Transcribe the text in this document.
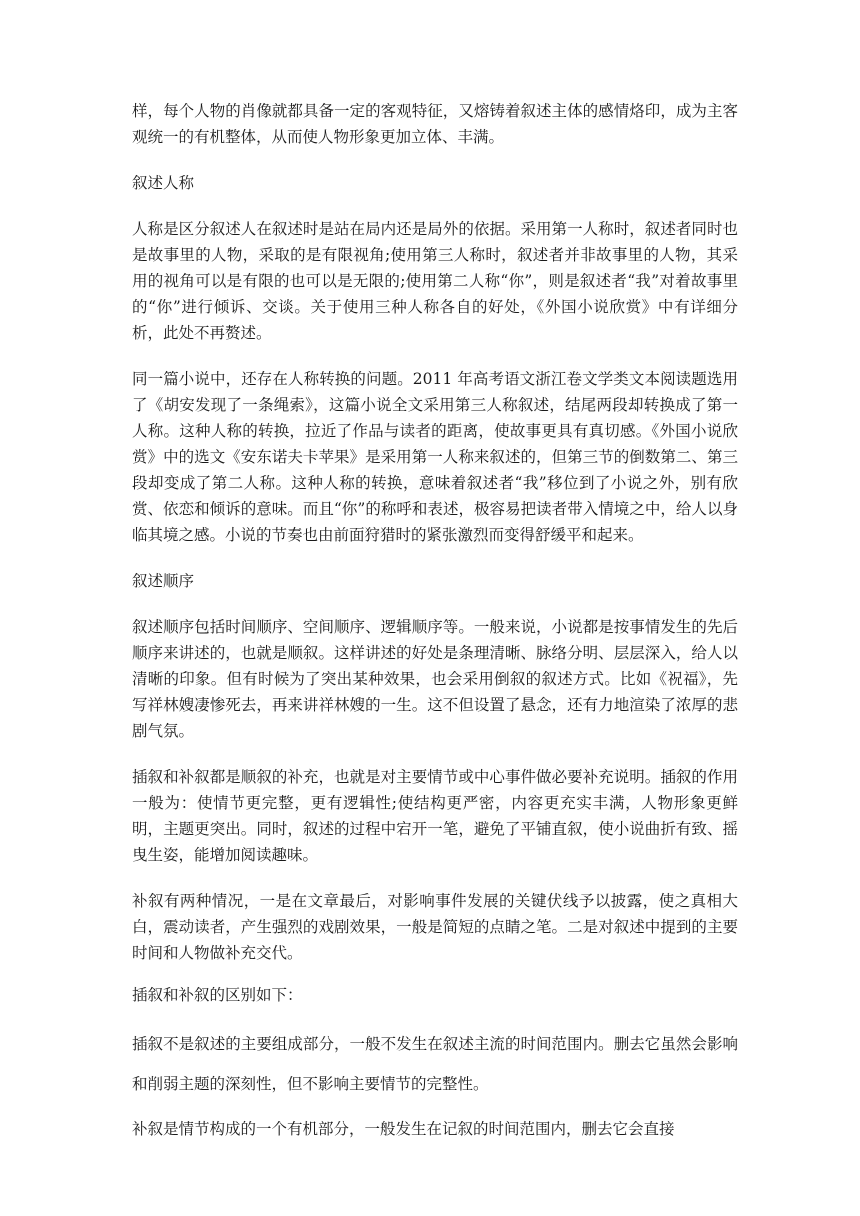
样，每个人物的肖像就都具备一定的客观特征，又熔铸着叙述主体的感情烙印，成为主客观统一的有机整体，从而使人物形象更加立体、丰满。

叙述人称

人称是区分叙述人在叙述时是站在局内还是局外的依据。采用第一人称时，叙述者同时也是故事里的人物，采取的是有限视角;使用第三人称时，叙述者并非故事里的人物，其采用的视角可以是有限的也可以是无限的;使用第二人称“你”，则是叙述者“我”对着故事里的“你”进行倾诉、交谈。关于使用三种人称各自的好处，《外国小说欣赏》中有详细分析，此处不再赘述。

同一篇小说中，还存在人称转换的问题。2011 年高考语文浙江卷文学类文本阅读题选用了《胡安发现了一条绳索》，这篇小说全文采用第三人称叙述，结尾两段却转换成了第一人称。这种人称的转换，拉近了作品与读者的距离，使故事更具有真切感。《外国小说欣赏》中的选文《安东诺夫卡苹果》是采用第一人称来叙述的，但第三节的倒数第二、第三段却变成了第二人称。这种人称的转换，意味着叙述者“我”移位到了小说之外，别有欣赏、依恋和倾诉的意味。而且“你”的称呼和表述，极容易把读者带入情境之中，给人以身临其境之感。小说的节奏也由前面狩猎时的紧张激烈而变得舒缓平和起来。

叙述顺序

叙述顺序包括时间顺序、空间顺序、逻辑顺序等。一般来说，小说都是按事情发生的先后顺序来讲述的，也就是顺叙。这样讲述的好处是条理清晰、脉络分明、层层深入，给人以清晰的印象。但有时候为了突出某种效果，也会采用倒叙的叙述方式。比如《祝福》，先写祥林嫂凄惨死去，再来讲祥林嫂的一生。这不但设置了悬念，还有力地渲染了浓厚的悲剧气氛。

插叙和补叙都是顺叙的补充，也就是对主要情节或中心事件做必要补充说明。插叙的作用一般为：使情节更完整，更有逻辑性;使结构更严密，内容更充实丰满，人物形象更鲜明，主题更突出。同时，叙述的过程中宕开一笔，避免了平铺直叙，使小说曲折有致、摇曳生姿，能增加阅读趣味。

补叙有两种情况，一是在文章最后，对影响事件发展的关键伏线予以披露，使之真相大白，震动读者，产生强烈的戏剧效果，一般是简短的点睛之笔。二是对叙述中提到的主要时间和人物做补充交代。

插叙和补叙的区别如下：

插叙不是叙述的主要组成部分，一般不发生在叙述主流的时间范围内。删去它虽然会影响和削弱主题的深刻性，但不影响主要情节的完整性。

补叙是情节构成的一个有机部分，一般发生在记叙的时间范围内，删去它会直接
